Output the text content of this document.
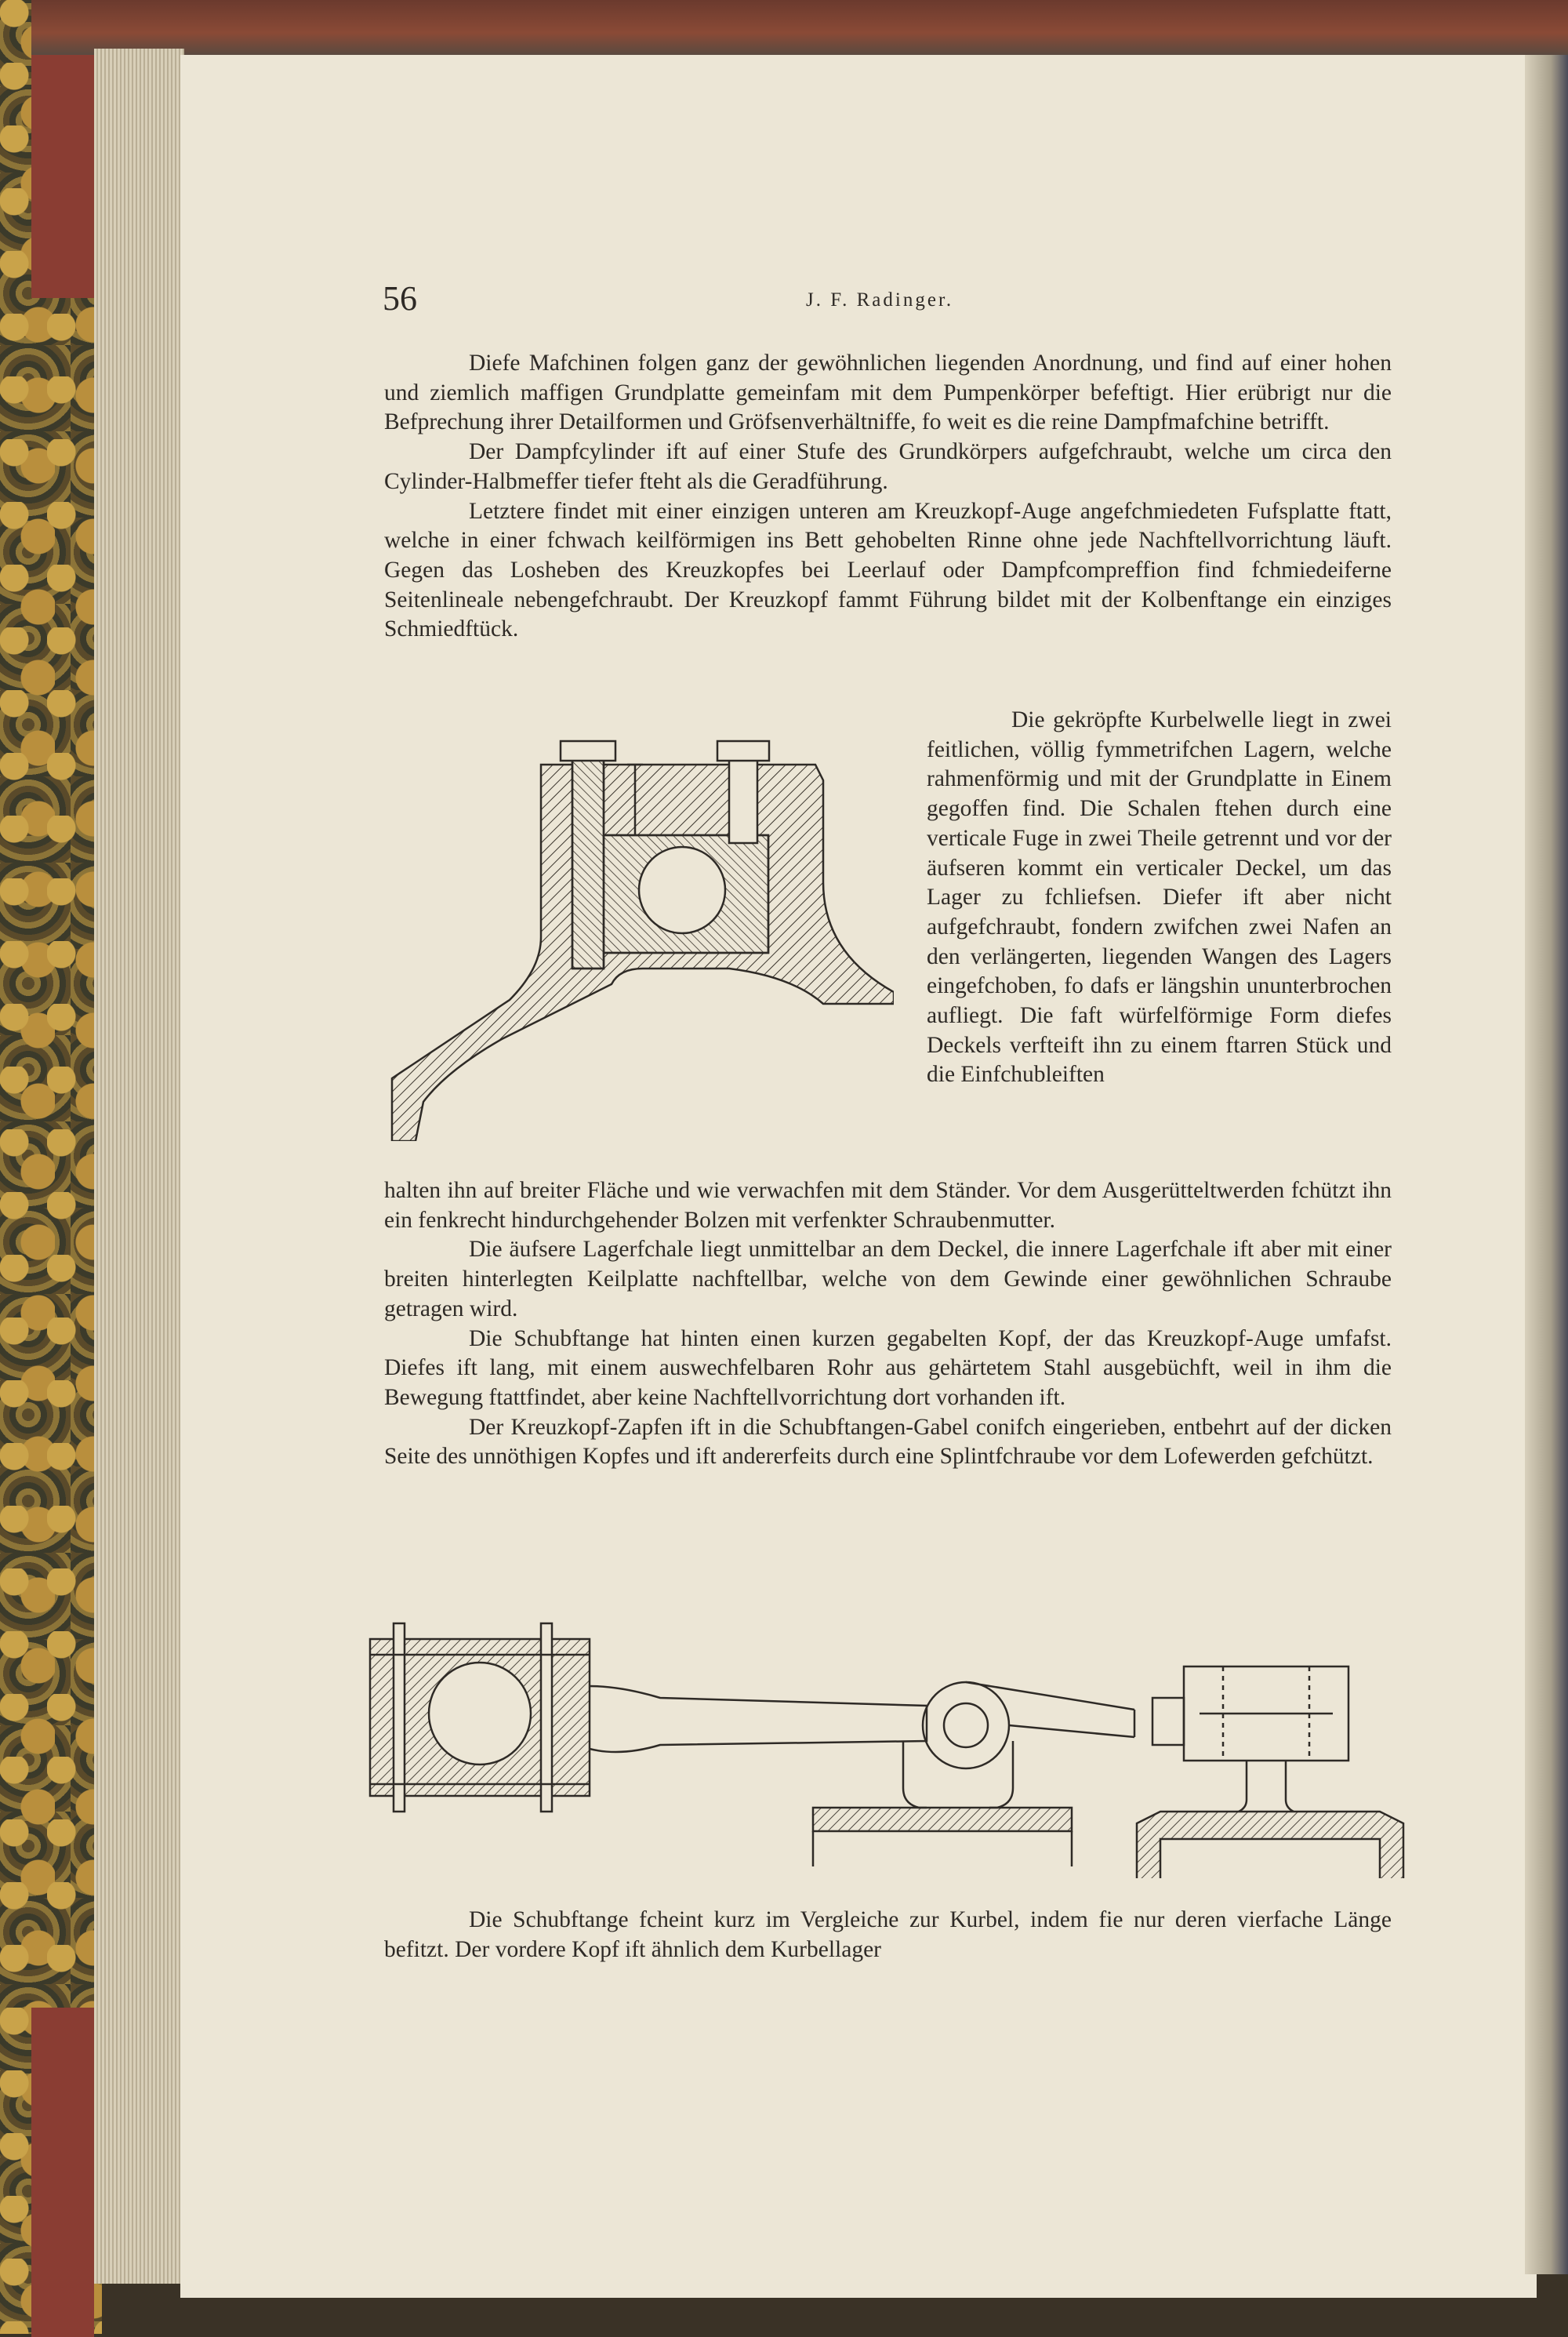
56	J. F. Radinger.

Diefe Mafchinen folgen ganz der gewöhnlichen liegenden Anordnung, und find auf einer hohen und ziemlich maffigen Grundplatte gemeinfam mit dem Pumpenkörper befeftigt. Hier erübrigt nur die Befprechung ihrer Detailformen und Gröfsenverhältniffe, fo weit es die reine Dampfmafchine betrifft.

Der Dampfcylinder ift auf einer Stufe des Grundkörpers aufgefchraubt, welche um circa den Cylinder-Halbmeffer tiefer fteht als die Geradführung.

Letztere findet mit einer einzigen unteren am Kreuzkopf-Auge angefchmiedeten Fufsplatte ftatt, welche in einer fchwach keilförmigen ins Bett gehobelten Rinne ohne jede Nachftellvorrichtung läuft. Gegen das Losheben des Kreuzkopfes bei Leerlauf oder Dampfcompreffion find fchmiedeiferne Seitenlineale nebengefchraubt. Der Kreuzkopf fammt Führung bildet mit der Kolbenftange ein einziges Schmiedftück.

Die gekröpfte Kurbelwelle liegt in zwei feitlichen, völlig fymmetrifchen Lagern, welche rahmenförmig und mit der Grundplatte in Einem gegoffen find. Die Schalen ftehen durch eine verticale Fuge in zwei Theile getrennt und vor der äufseren kommt ein verticaler Deckel, um das Lager zu fchliefsen. Diefer ift aber nicht aufgefchraubt, fondern zwifchen zwei Nafen an den verlängerten, liegenden Wangen des Lagers eingefchoben, fo dafs er längshin ununterbrochen aufliegt. Die faft würfelförmige Form diefes Deckels verfteift ihn zu einem ftarren Stück und die Einfchubleiften

halten ihn auf breiter Fläche und wie verwachfen mit dem Ständer. Vor dem Ausgerütteltwerden fchützt ihn ein fenkrecht hindurchgehender Bolzen mit verfenkter Schraubenmutter.

Die äufsere Lagerfchale liegt unmittelbar an dem Deckel, die innere Lagerfchale ift aber mit einer breiten hinterlegten Keilplatte nachftellbar, welche von dem Gewinde einer gewöhnlichen Schraube getragen wird.

Die Schubftange hat hinten einen kurzen gegabelten Kopf, der das Kreuzkopf-Auge umfafst. Diefes ift lang, mit einem auswechfelbaren Rohr aus gehärtetem Stahl ausgebüchft, weil in ihm die Bewegung ftattfindet, aber keine Nachftellvorrichtung dort vorhanden ift.

Der Kreuzkopf-Zapfen ift in die Schubftangen-Gabel conifch eingerieben, entbehrt auf der dicken Seite des unnöthigen Kopfes und ift andererfeits durch eine Splintfchraube vor dem Lofewerden gefchützt.

Die Schubftange fcheint kurz im Vergleiche zur Kurbel, indem fie nur deren vierfache Länge befitzt. Der vordere Kopf ift ähnlich dem Kurbellager
